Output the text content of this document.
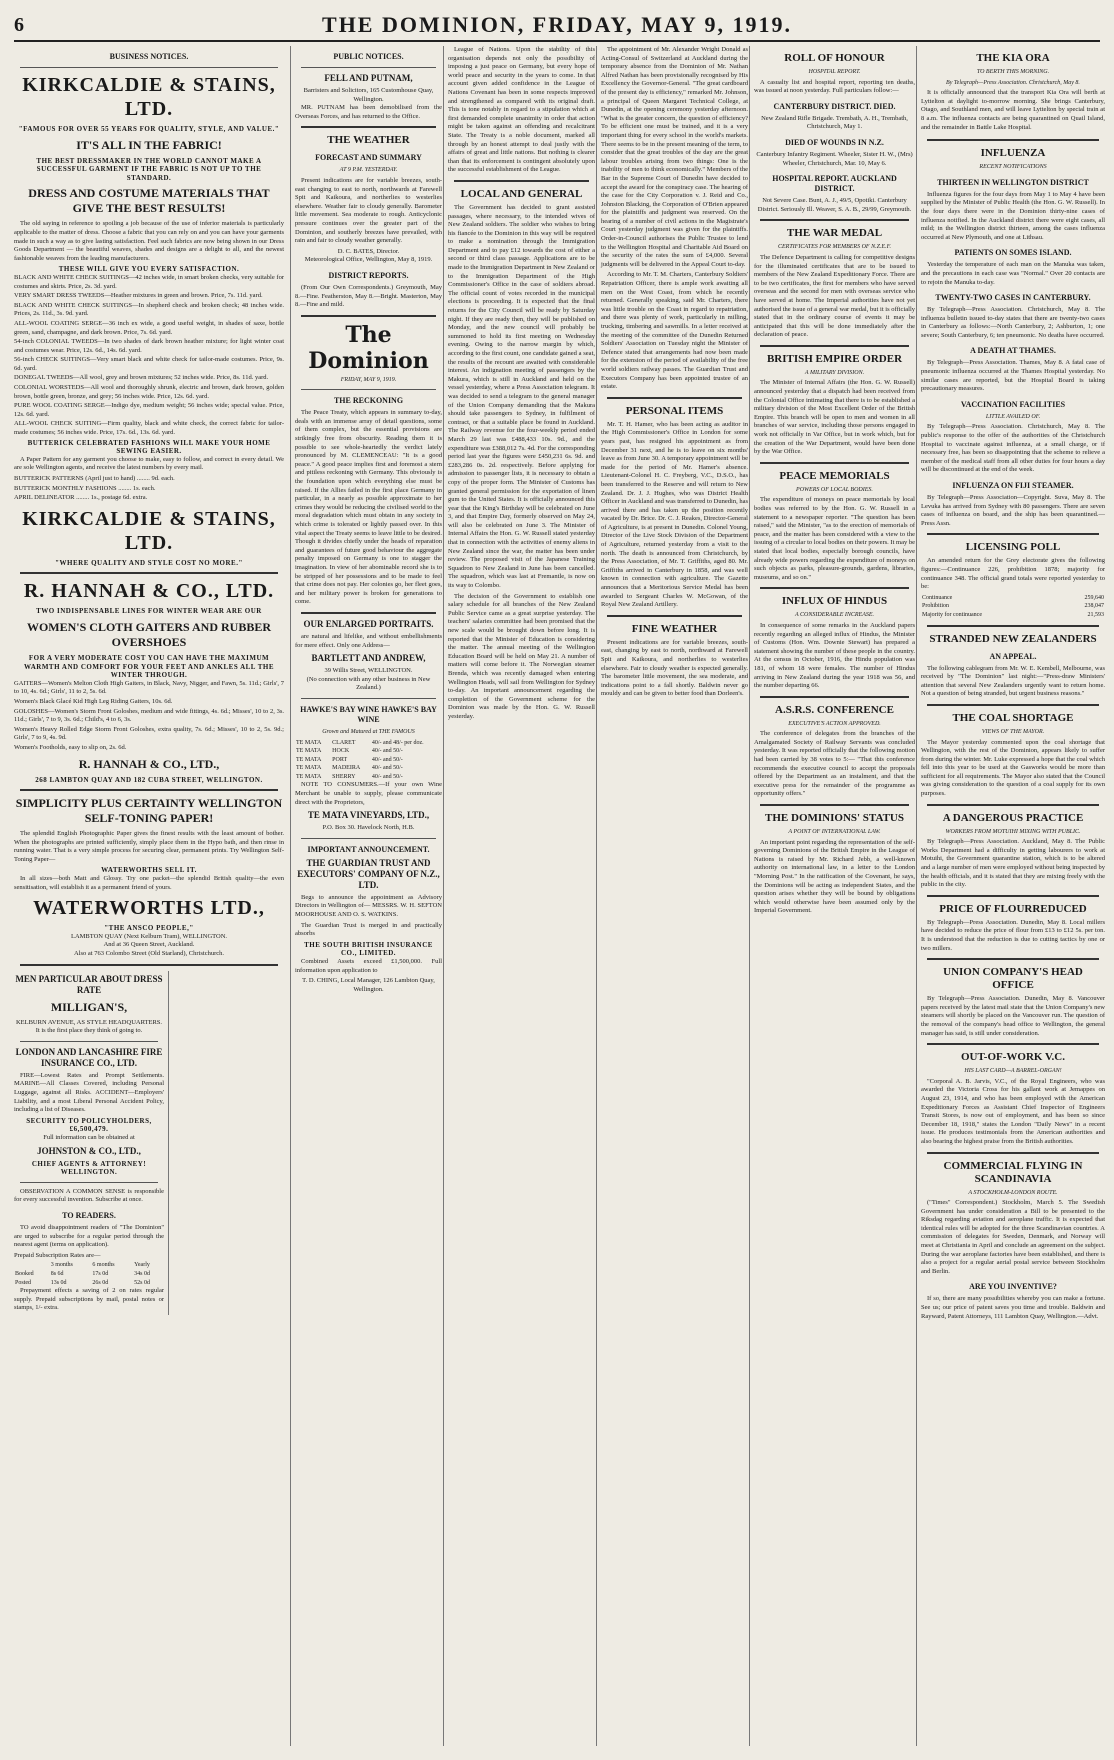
6	THE DOMINION, FRIDAY, MAY 9, 1919.
BUSINESS NOTICES.
KIRKCALDIE & STAINS, LTD.
"FAMOUS FOR OVER 55 YEARS FOR QUALITY, STYLE, AND VALUE."
IT'S ALL IN THE FABRIC!
THE BEST DRESSMAKER IN THE WORLD CANNOT MAKE A SUCCESSFUL GARMENT IF THE FABRIC IS NOT UP TO THE STANDARD.
DRESS AND COSTUME MATERIALS THAT GIVE THE BEST RESULTS!

The old saying in reference to spoiling a job because of the use of inferior materials is particularly applicable to the matter of dress. Choose a fabric that you can rely on and you can have your garments made in such a way as to give lasting satisfaction. Feel such fabrics are now being shown in our Dress Goods Department — the beautiful weaves, shades and designs are a delight to all, and the newest fashionable weaves from the leading manufacturers.

THESE WILL GIVE YOU EVERY SATISFACTION.
BLACK AND WHITE CHECK SUITINGS—42 inches wide, in smart broken checks, very suitable for costumes and skirts. Price, 2s. 3d. yard.
VERY SMART DRESS TWEEDS—Heather mixtures in green and brown. Price, 7s. 11d. yard.
BLACK AND WHITE CHECK SUITINGS—In shepherd check and broken check; 48 inches wide. Prices, 2s. 11d., 3s. 9d. yard.
ALL-WOOL COATING SERGE—36 inch ex wide, a good useful weight, in shades of saxe, bottle green, sand, champagne, and dark brown. Price, 7s. 6d. yard.
54-inch COLONIAL TWEEDS—In two shades of dark brown heather mixture; for light winter coat and costumes wear. Price, 12s. 6d., 14s. 6d. yard.
56-inch CHECK SUITINGS—Very smart black and white check for tailor-made costumes. Price, 9s. 6d. yard.
DONEGAL TWEEDS—All wool, grey and brown mixtures; 52 inches wide. Price, 8s. 11d. yard.
COLONIAL WORSTEDS—All wool and thoroughly shrunk, electric and brown, dark brown, golden brown, bottle green, bronze, and grey; 56 inches wide. Price, 12s. 6d. yard.
PURE WOOL COATING SERGE—Indigo dye, medium weight; 56 inches wide; special value. Price, 12s. 6d. yard.
ALL-WOOL CHECK SUITING—Firm quality, black and white check, the correct fabric for tailor-made costumes; 56 inches wide. Price, 17s. 6d., 13s. 6d. yard.
BUTTERICK CELEBRATED FASHIONS WILL MAKE YOUR HOME SEWING EASIER.

A Paper Pattern for any garment you choose to make, easy to follow, and correct in every detail. We are sole Wellington agents, and receive the latest numbers by every mail.

BUTTERICK PATTERNS (April just to hand) ........ 9d. each.
BUTTERICK MONTHLY FASHIONS ........ 1s. each.
APRIL DELINEATOR ........ 1s., postage 6d. extra.
KIRKCALDIE & STAINS, LTD.
"WHERE QUALITY AND STYLE COST NO MORE."
R. HANNAH & CO., LTD.
TWO INDISPENSABLE LINES FOR WINTER WEAR ARE OUR
WOMEN'S CLOTH GAITERS AND RUBBER OVERSHOES
FOR A VERY MODERATE COST YOU CAN HAVE THE MAXIMUM WARMTH AND COMFORT FOR YOUR FEET AND ANKLES ALL THE WINTER THROUGH.
GAITERS—Women's Melton Cloth High Gaiters, in Black, Navy, Nigger, and Fawn, 5s. 11d.; Girls', 7 to 10, 4s. 6d.; Girls', 11 to 2, 5s. 6d.
Women's Black Glacé Kid High Leg Riding Gaiters, 10s. 6d.
GOLOSHES—Women's Storm Front Goloshes, medium and wide fittings, 4s. 6d.; Misses', 10 to 2, 3s. 11d.; Girls', 7 to 9, 3s. 6d.; Child's, 4 to 6, 3s.
Women's Heavy Rolled Edge Storm Front Goloshes, extra quality, 7s. 6d.; Misses', 10 to 2, 5s. 9d.; Girls', 7 to 9, 4s. 9d.
Women's Footholds, easy to slip on, 2s. 6d.
R. HANNAH & CO., LTD.,
268 LAMBTON QUAY AND 182 CUBA STREET, WELLINGTON.
SIMPLICITY PLUS CERTAINTY WELLINGTON SELF-TONING PAPER!

The splendid English Photographic Paper gives the finest results with the least amount of bother. When the photographs are printed sufficiently, simply place them in the Hypo bath, and then rinse in running water. That is a very simple process for securing clear, permanent prints. Try Wellington Self-Toning Paper—

WATERWORTHS SELL IT.

In all sizes—both Matt and Glossy. Try one packet—the splendid British quality—the even sensitisation, will establish it as a permanent friend of yours.

WATERWORTHS LTD.,
"THE ANSCO PEOPLE,"
LAMBTON QUAY (Next Kelburn Tram), WELLINGTON.
And at 36 Queen Street, Auckland.
Also at 763 Colombo Street (Old Starland), Christchurch.
MEN PARTICULAR ABOUT DRESS RATE
MILLIGAN'S,
KELBURN AVENUE, AS STYLE HEADQUARTERS.
It is the first place they think of going to.
LONDON AND LANCASHIRE FIRE INSURANCE CO., LTD.

FIRE—Lowest Rates and Prompt Settlements. MARINE—All Classes Covered, including Personal Luggage, against all Risks. ACCIDENT—Employers' Liability, and a most Liberal Personal Accident Policy, including a list of Diseases.

SECURITY TO POLICYHOLDERS, £6,500,479.
Full information can be obtained at
JOHNSTON & CO., LTD.,
CHIEF AGENTS & ATTORNEY! WELLINGTON.

OBSERVATION A COMMON SENSE is responsible for every successful invention. Subscribe at once.

TO READERS.

TO avoid disappointment readers of "The Dominion" are urged to subscribe for a regular period through the nearest agent (terms on application).

Prepaid Subscription Rates are—
	3 months	6 months	Yearly
Booked	8s 6d	17s 0d	34s 0d
Posted	13s 0d	26s 0d	52s 0d

Prepayment effects a saving of 2 on rates regular supply. Prepaid subscriptions by mail, postal notes or stamps, 1/- extra.

PUBLIC NOTICES.
FELL AND PUTNAM,
Barristers and Solicitors, 165 Customhouse Quay, Wellington.

MR. PUTNAM has been demobilised from the Overseas Forces, and has returned to the Office.

THE WEATHER
FORECAST AND SUMMARY
AT 9 P.M. YESTERDAY.

Present indications are for variable breezes, south-east changing to east to north, northwards at Farewell Spit and Kaikoura, and northerlies to westerlies elsewhere. Weather fair to cloudy generally. Barometer little movement. Sea moderate to rough. Anticyclonic pressure continues over the greater part of the Dominion, and southerly breezes have prevailed, with rain and fair to cloudy weather generally.

D. C. BATES, Director.
Meteorological Office, Wellington, May 8, 1919.
DISTRICT REPORTS.

(From Our Own Correspondents.) Greymouth, May 8.—Fine. Featherston, May 8.—Bright. Masterton, May 8.—Fine and mild.

The Dominion
FRIDAY, MAY 9, 1919.
THE RECKONING

The Peace Treaty, which appears in summary to-day, deals with an immense array of detail questions, some of them complex, but the essential provisions are strikingly free from obscurity. Reading them it is possible to see whole-heartedly the verdict lately pronounced by M. CLEMENCEAU: "It is a good peace." A good peace implies first and foremost a stern and pitiless reckoning with Germany. This obviously is the foundation upon which everything else must be raised. If the Allies failed in the first place Germany in particular, in a nearly as possible approximate to her crimes they would be reducing the civilised world to the moral degradation which must obtain in any society in which crime is tolerated or lightly passed over. In this vital aspect the Treaty seems to leave little to be desired. Though it divides chiefly under the heads of reparation and guarantees of future good behaviour the aggregate penalty imposed on Germany is one to stagger the imagination. In view of her abominable record she is to be stripped of her possessions and to be made to feel that crime does not pay. Her colonies go, her fleet goes, and her military power is broken for generations to come.

OUR ENLARGED PORTRAITS.

are natural and lifelike, and without embellishments for mere effect. Only one Address—

BARTLETT AND ANDREW,
39 Willis Street, WELLINGTON.
(No connection with any other business in New Zealand.)
HAWKE'S BAY WINE HAWKE'S BAY WINE
Grown and Matured at THE FAMOUS
TE MATA	CLARET	40/- and 48/- per doz.
TE MATA	HOCK	40/- and 50/-
TE MATA	PORT	40/- and 50/-
TE MATA	MADEIRA	40/- and 50/-
TE MATA	SHERRY	40/- and 50/-

NOTE TO CONSUMERS.—If your own Wine Merchant be unable to supply, please communicate direct with the Proprietors,

TE MATA VINEYARDS, LTD.,
P.O. Box 30. Havelock North, H.B.
IMPORTANT ANNOUNCEMENT.
THE GUARDIAN TRUST AND EXECUTORS' COMPANY OF N.Z., LTD.

Begs to announce the appointment as Advisory Directors in Wellington of— MESSRS. W. H. SEFTON MOORHOUSE AND O. S. WATKINS.

The Guardian Trust is merged in and practically absorbs

THE SOUTH BRITISH INSURANCE CO., LIMITED.

Combined Assets exceed £1,500,000. Full information upon application to

T. D. CHING, Local Manager, 126 Lambton Quay, Wellington.

League of Nations. Upon the stability of this organisation depends not only the possibility of imposing a just peace on Germany, but every hope of world peace and security in the years to come. In that account given added confidence in the League of Nations Covenant has been in some respects improved and strengthened as compared with its original draft. This is tone notably in regard to a stipulation which at first demanded complete unanimity in order that action might be taken against an offending and recalcitrant State. The Treaty is a noble document, marked all through by an honest attempt to deal justly with the affairs of great and little nations. But nothing is clearer than that its enforcement is contingent absolutely upon the successful establishment of the League.

LOCAL AND GENERAL

The Government has decided to grant assisted passages, where necessary, to the intended wives of New Zealand soldiers. The soldier who wishes to bring his fiancée to the Dominion in this way will be required to make a nomination through the Immigration Department and to pay £12 towards the cost of either a second or third class passage. Applications are to be made to the Immigration Department in New Zealand or to the Immigration Department of the High Commissioner's Office in the case of soldiers abroad. The official count of votes recorded in the municipal elections is proceeding. It is expected that the final returns for the City Council will be ready by Saturday night. If they are ready then, they will be published on Monday, and the new council will probably be summoned to hold its first meeting on Wednesday evening. Owing to the narrow margin by which, according to the first count, one candidate gained a seat, the results of the recount are awaited with considerable interest. An indignation meeting of passengers by the Makura, which is still in Auckland and held on the vessel yesterday, where a Press Association telegram. It was decided to send a telegram to the general manager of the Union Company demanding that the Makura should take passengers to Sydney, in fulfilment of contract, or that a suitable place be found in Auckland. The Railway revenue for the four-weekly period ended March 29 last was £488,433 10s. 9d., and the expenditure was £388,012 7s. 4d. For the corresponding period last year the figures were £450,231 6s. 9d. and £283,286 0s. 2d. respectively. Before applying for admission to passenger lists, it is necessary to obtain a copy of the proper form. The Minister of Customs has granted general permission for the exportation of linen gum to the United States. It is officially announced this year that the King's Birthday will be celebrated on June 3, and that Empire Day, formerly observed on May 24, will also be celebrated on June 3. The Minister of Internal Affairs the Hon. G. W. Russell stated yesterday that in connection with the activities of enemy aliens in New Zealand since the war, the matter has been under review. The proposed visit of the Japanese Training Squadron to New Zealand in June has been cancelled. The squadron, which was last at Fremantle, is now on its way to Colombo.

The decision of the Government to establish one salary schedule for all branches of the New Zealand Public Service came as a great surprise yesterday. The teachers' salaries committee had been promised that the new scale would be brought down before long. It is reported that the Minister of Education is considering the matter. The annual meeting of the Wellington Education Board will be held on May 21. A number of matters will come before it. The Norwegian steamer Brenda, which was recently damaged when entering Wellington Heads, will sail from Wellington for Sydney to-day. An important announcement regarding the completion of the Government scheme for the Dominion was made by the Hon. G. W. Russell yesterday.

The appointment of Mr. Alexander Wright Donald as Acting-Consul of Switzerland at Auckland during the temporary absence from the Dominion of Mr. Nathan Alfred Nathan has been provisionally recognised by His Excellency the Governor-General. "The great cardboard of the present day is efficiency," remarked Mr. Johnson, a principal of Queen Margaret Technical College, at Dunedin, at the opening ceremony yesterday afternoon. "What is the greater concern, the question of efficiency? To be efficient one must be trained, and it is a very important thing for every school in the world's markets. There seems to be in the present meaning of the term, to consider that the great troubles of the day are the great labour troubles arising from two things: One is the inability of men to think economically." Members of the Bar in the Supreme Court of Dunedin have decided to accept the award for the conspiracy case. The hearing of the case for the City Corporation v. J. Reid and Co., Johnston Blacking, the Corporation of O'Brien appeared for the plaintiffs and judgment was reserved. On the hearing of a number of civil actions in the Magistrate's Court yesterday judgment was given for the plaintiffs. Order-in-Council authorises the Public Trustee to lend to the Wellington Hospital and Charitable Aid Board on the security of the rates the sum of £4,000. Several judgments will be delivered in the Appeal Court to-day.

According to Mr. T. M. Charters, Canterbury Soldiers' Repatriation Officer, there is ample work awaiting all men on the West Coast, from which he recently returned. Generally speaking, said Mr. Charters, there was little trouble on the Coast in regard to repatriation, and there was plenty of work, particularly in milling, trucking, timbering and sawmills. In a letter received at the meeting of the committee of the Dunedin Returned Soldiers' Association on Tuesday night the Minister of Defence stated that arrangements had now been made for the extension of the period of availability of the free world soldiers railway passes. The Guardian Trust and Executors Company has been appointed trustee of an estate.

PERSONAL ITEMS

Mr. T. H. Hamer, who has been acting as auditor in the High Commissioner's Office in London for some years past, has resigned his appointment as from December 31 next, and he is to leave on six months' leave as from June 30. A temporary appointment will be made for the period of Mr. Hamer's absence. Lieutenant-Colonel H. C. Freyberg, V.C., D.S.O., has been transferred to the Reserve and will return to New Zealand. Dr. J. J. Hughes, who was District Health Officer in Auckland and was transferred to Dunedin, has arrived there and has taken up the position recently vacated by Dr. Brice. Dr. C. J. Reakes, Director-General of Agriculture, is at present in Dunedin. Colonel Young, Director of the Live Stock Division of the Department of Agriculture, returned yesterday from a visit to the north. The death is announced from Christchurch, by the Press Association, of Mr. T. Griffiths, aged 80. Mr. Griffiths arrived in Canterbury in 1858, and was well known in connection with agriculture. The Gazette announces that a Meritorious Service Medal has been awarded to Sergeant Charles W. McGowan, of the Royal New Zealand Artillery.

FINE WEATHER

Present indications are for variable breezes, south-east, changing by east to north, northward at Farewell Spit and Kaikoura, and northerlies to westerlies elsewhere. Fair to cloudy weather is expected generally. The barometer little movement, the sea moderate, and indications point to a fall shortly. Baldwin never go mouldy and can be given to better food than Dorleen's.

ROLL OF HONOUR
HOSPITAL REPORT.

A casualty list and hospital report, reporting ten deaths, was issued at noon yesterday. Full particulars follow:—

CANTERBURY DISTRICT. DIED.
New Zealand Rifle Brigade. Trembath, A. H., Trembath, Christchurch, May 1.
DIED OF WOUNDS IN N.Z.
Canterbury Infantry Regiment. Wheeler, Sister H. W., (Mrs) Wheeler, Christchurch, Mar. 10, May 6.
HOSPITAL REPORT. AUCKLAND DISTRICT.
Not Severe Case. Bunt, A. J., 49/5, Opotiki. Canterbury District. Seriously Ill. Weaver, S. A. B., 29/99, Greymouth.
THE WAR MEDAL
CERTIFICATES FOR MEMBERS OF N.Z.E.F.

The Defence Department is calling for competitive designs for the illuminated certificates that are to be issued to members of the New Zealand Expeditionary Force. There are to be two certificates, the first for members who have served overseas and the second for men with overseas service who have served at home. The Imperial authorities have not yet authorised the issue of a general war medal, but it is officially stated that in the ordinary course of events it may be anticipated that this will be done immediately after the declaration of peace.

BRITISH EMPIRE ORDER
A MILITARY DIVISION.

The Minister of Internal Affairs (the Hon. G. W. Russell) announced yesterday that a dispatch had been received from the Colonial Office intimating that there is to be established a military division of the Most Excellent Order of the British Empire. This branch will be open to men and women in all branches of war service, including those persons engaged in work not officially in Var Office, but in work which, but for the creation of the War Department, would have been done by the War Office.

PEACE MEMORIALS
POWERS OF LOCAL BODIES.

The expenditure of moneys on peace memorials by local bodies was referred to by the Hon. G. W. Russell in a statement to a newspaper reporter. "The question has been raised," said the Minister, "as to the erection of memorials of peace, and the matter has been considered with a view to the issuing of a circular to local bodies on their powers. It may be stated that local bodies, especially borough councils, have already wide powers regarding the expenditure of moneys on such objects as parks, pleasure-grounds, gardens, libraries, museums, and so on."

INFLUX OF HINDUS
A CONSIDERABLE INCREASE.

In consequence of some remarks in the Auckland papers recently regarding an alleged influx of Hindus, the Minister of Customs (Hon. Wm. Downie Stewart) has prepared a statement showing the number of these people in the country. At the census in October, 1916, the Hindu population was 181, of whom 18 were females. The number of Hindus arriving in New Zealand during the year 1918 was 56, and the number departing 66.

A.S.R.S. CONFERENCE
EXECUTIVE'S ACTION APPROVED.

The conference of delegates from the branches of the Amalgamated Society of Railway Servants was concluded yesterday. It was reported officially that the following motion had been carried by 38 votes to 5:— "That this conference recommends the executive council to accept the proposals offered by the Department as an instalment, and that the executive press for the remainder of the programme as opportunity offers."

THE DOMINIONS' STATUS
A POINT OF INTERNATIONAL LAW.

An important point regarding the representation of the self-governing Dominions of the British Empire in the League of Nations is raised by Mr. Richard Jebb, a well-known authority on international law, in a letter to the London "Morning Post." In the ratification of the Covenant, he says, the Dominions will be acting as independent States, and the question arises whether they will be bound by obligations which would otherwise have been assumed only by the Imperial Government.

THE KIA ORA
TO BERTH THIS MORNING.
By Telegraph—Press Association. Christchurch, May 8.

It is officially announced that the transport Kia Ora will berth at Lyttelton at daylight to-morrow morning. She brings Canterbury, Otago, and Southland men, and will leave Lyttelton by special train at 8 a.m. The influenza contacts are being quarantined on Quail Island, and the remainder in Battle Lake Hospital.

INFLUENZA
RECENT NOTIFICATIONS
THIRTEEN IN WELLINGTON DISTRICT

Influenza figures for the four days from May 1 to May 4 have been supplied by the Minister of Public Health (the Hon. G. W. Russell). In the four days there were in the Dominion thirty-nine cases of influenza notified. In the Auckland district there were eight cases, all mild; in the Wellington district thirteen, among the cases influenza occurred at New Plymouth, and one at Lithsau.

PATIENTS ON SOMES ISLAND.

Yesterday the temperature of each man on the Manuka was taken, and the precautions in each case was "Normal." Over 20 contacts are to rejoin the Manuka to-day.

TWENTY-TWO CASES IN CANTERBURY.

By Telegraph—Press Association. Christchurch, May 8. The influenza bulletin issued to-day states that there are twenty-two cases in Canterbury as follows:—North Canterbury, 2; Ashburton, 1; one severe; South Canterbury, 6; ten pneumonic. No deaths have occurred.

A DEATH AT THAMES.

By Telegraph—Press Association. Thames, May 8. A fatal case of pneumonic influenza occurred at the Thames Hospital yesterday. No similar cases are reported, but the Hospital Board is taking precautionary measures.

VACCINATION FACILITIES
LITTLE AVAILED OF.

By Telegraph—Press Association. Christchurch, May 8. The public's response to the offer of the authorities of the Christchurch Hospital to vaccinate against influenza, at a small charge, or if necessary free, has been so disappointing that the scheme to relieve a member of the medical staff from all other duties for four hours a day will be discontinued at the end of the week.

INFLUENZA ON FIJI STEAMER.

By Telegraph—Press Association—Copyright. Suva, May 8. The Levuka has arrived from Sydney with 80 passengers. There are seven cases of influenza on board, and the ship has been quarantined.—Press Assn.

LICENSING POLL

An amended return for the Grey electorate gives the following figures:—Continuance 226, prohibition 1878; majority for continuance 348. The official grand totals were reported yesterday to be:

Continuance	259,640
Prohibition	238,047
Majority for continuance	21,593
STRANDED NEW ZEALANDERS
AN APPEAL.

The following cablegram from Mr. W. E. Kembell, Melbourne, was received by "The Dominion" last night:—"Press-draw Ministers' attention that several New Zealanders urgently want to return home. Not a question of being stranded, but urgent business reasons."

THE COAL SHORTAGE
VIEWS OF THE MAYOR.

The Mayor yesterday commented upon the coal shortage that Wellington, with the rest of the Dominion, appears likely to suffer from during the winter. Mr. Luke expressed a hope that the coal which fell into this year to be used at the Gasworks would be more than sufficient for all requirements. The Mayor also stated that the Council was giving consideration to the question of a coal supply for its own purposes.

A DANGEROUS PRACTICE
WORKERS FROM MOTUIHI MIXING WITH PUBLIC.

By Telegraph—Press Association. Auckland, May 8. The Public Works Department had a difficulty in getting labourers to work at Motuihi, the Government quarantine station, which is to be altered and a large number of men were employed without being inspected by the health officials, and it is stated that they are mixing freely with the public in the city.

PRICE OF FLOURREDUCED

By Telegraph—Press Association. Dunedin, May 8. Local millers have decided to reduce the price of flour from £13 to £12 5s. per ton. It is understood that the reduction is due to cutting tactics by one or two millers.

UNION COMPANY'S HEAD OFFICE

By Telegraph—Press Association. Dunedin, May 8. Vancouver papers received by the latest mail state that the Union Company's new steamers will shortly be placed on the Vancouver run. The question of the removal of the company's head office to Wellington, the general manager has said, is still under consideration.

OUT-OF-WORK V.C.
HIS LAST CARD—A BARREL-ORGAN!

"Corporal A. B. Jarvis, V.C., of the Royal Engineers, who was awarded the Victoria Cross for his gallant work at Jemappes on August 23, 1914, and who has been employed with the American Expeditionary Forces as Assistant Chief Inspector of Engineers Transit Stores, is now out of employment, and has been so since December 18, 1918," states the London "Daily News" in a recent issue. He produces testimonials from the American authorities and also bearing the highest praise from the British authorities.

COMMERCIAL FLYING IN SCANDINAVIA
A STOCKHOLM-LONDON ROUTE.

("Times" Correspondent.) Stockholm, March 5. The Swedish Government has under consideration a Bill to be presented to the Riksdag regarding aviation and aeroplane traffic. It is expected that identical rules will be adopted for the three Scandinavian countries. A commission of delegates for Sweden, Denmark, and Norway will meet at Christiania in April and conclude an agreement on the subject. During the war aeroplane factories have been established, and there is also a project for a regular aerial postal service between Stockholm and Berlin.

ARE YOU INVENTIVE?

If so, there are many possibilities whereby you can make a fortune. See us; our price of patent saves you time and trouble. Baldwin and Rayward, Patent Attorneys, 111 Lambton Quay, Wellington.—Advt.
